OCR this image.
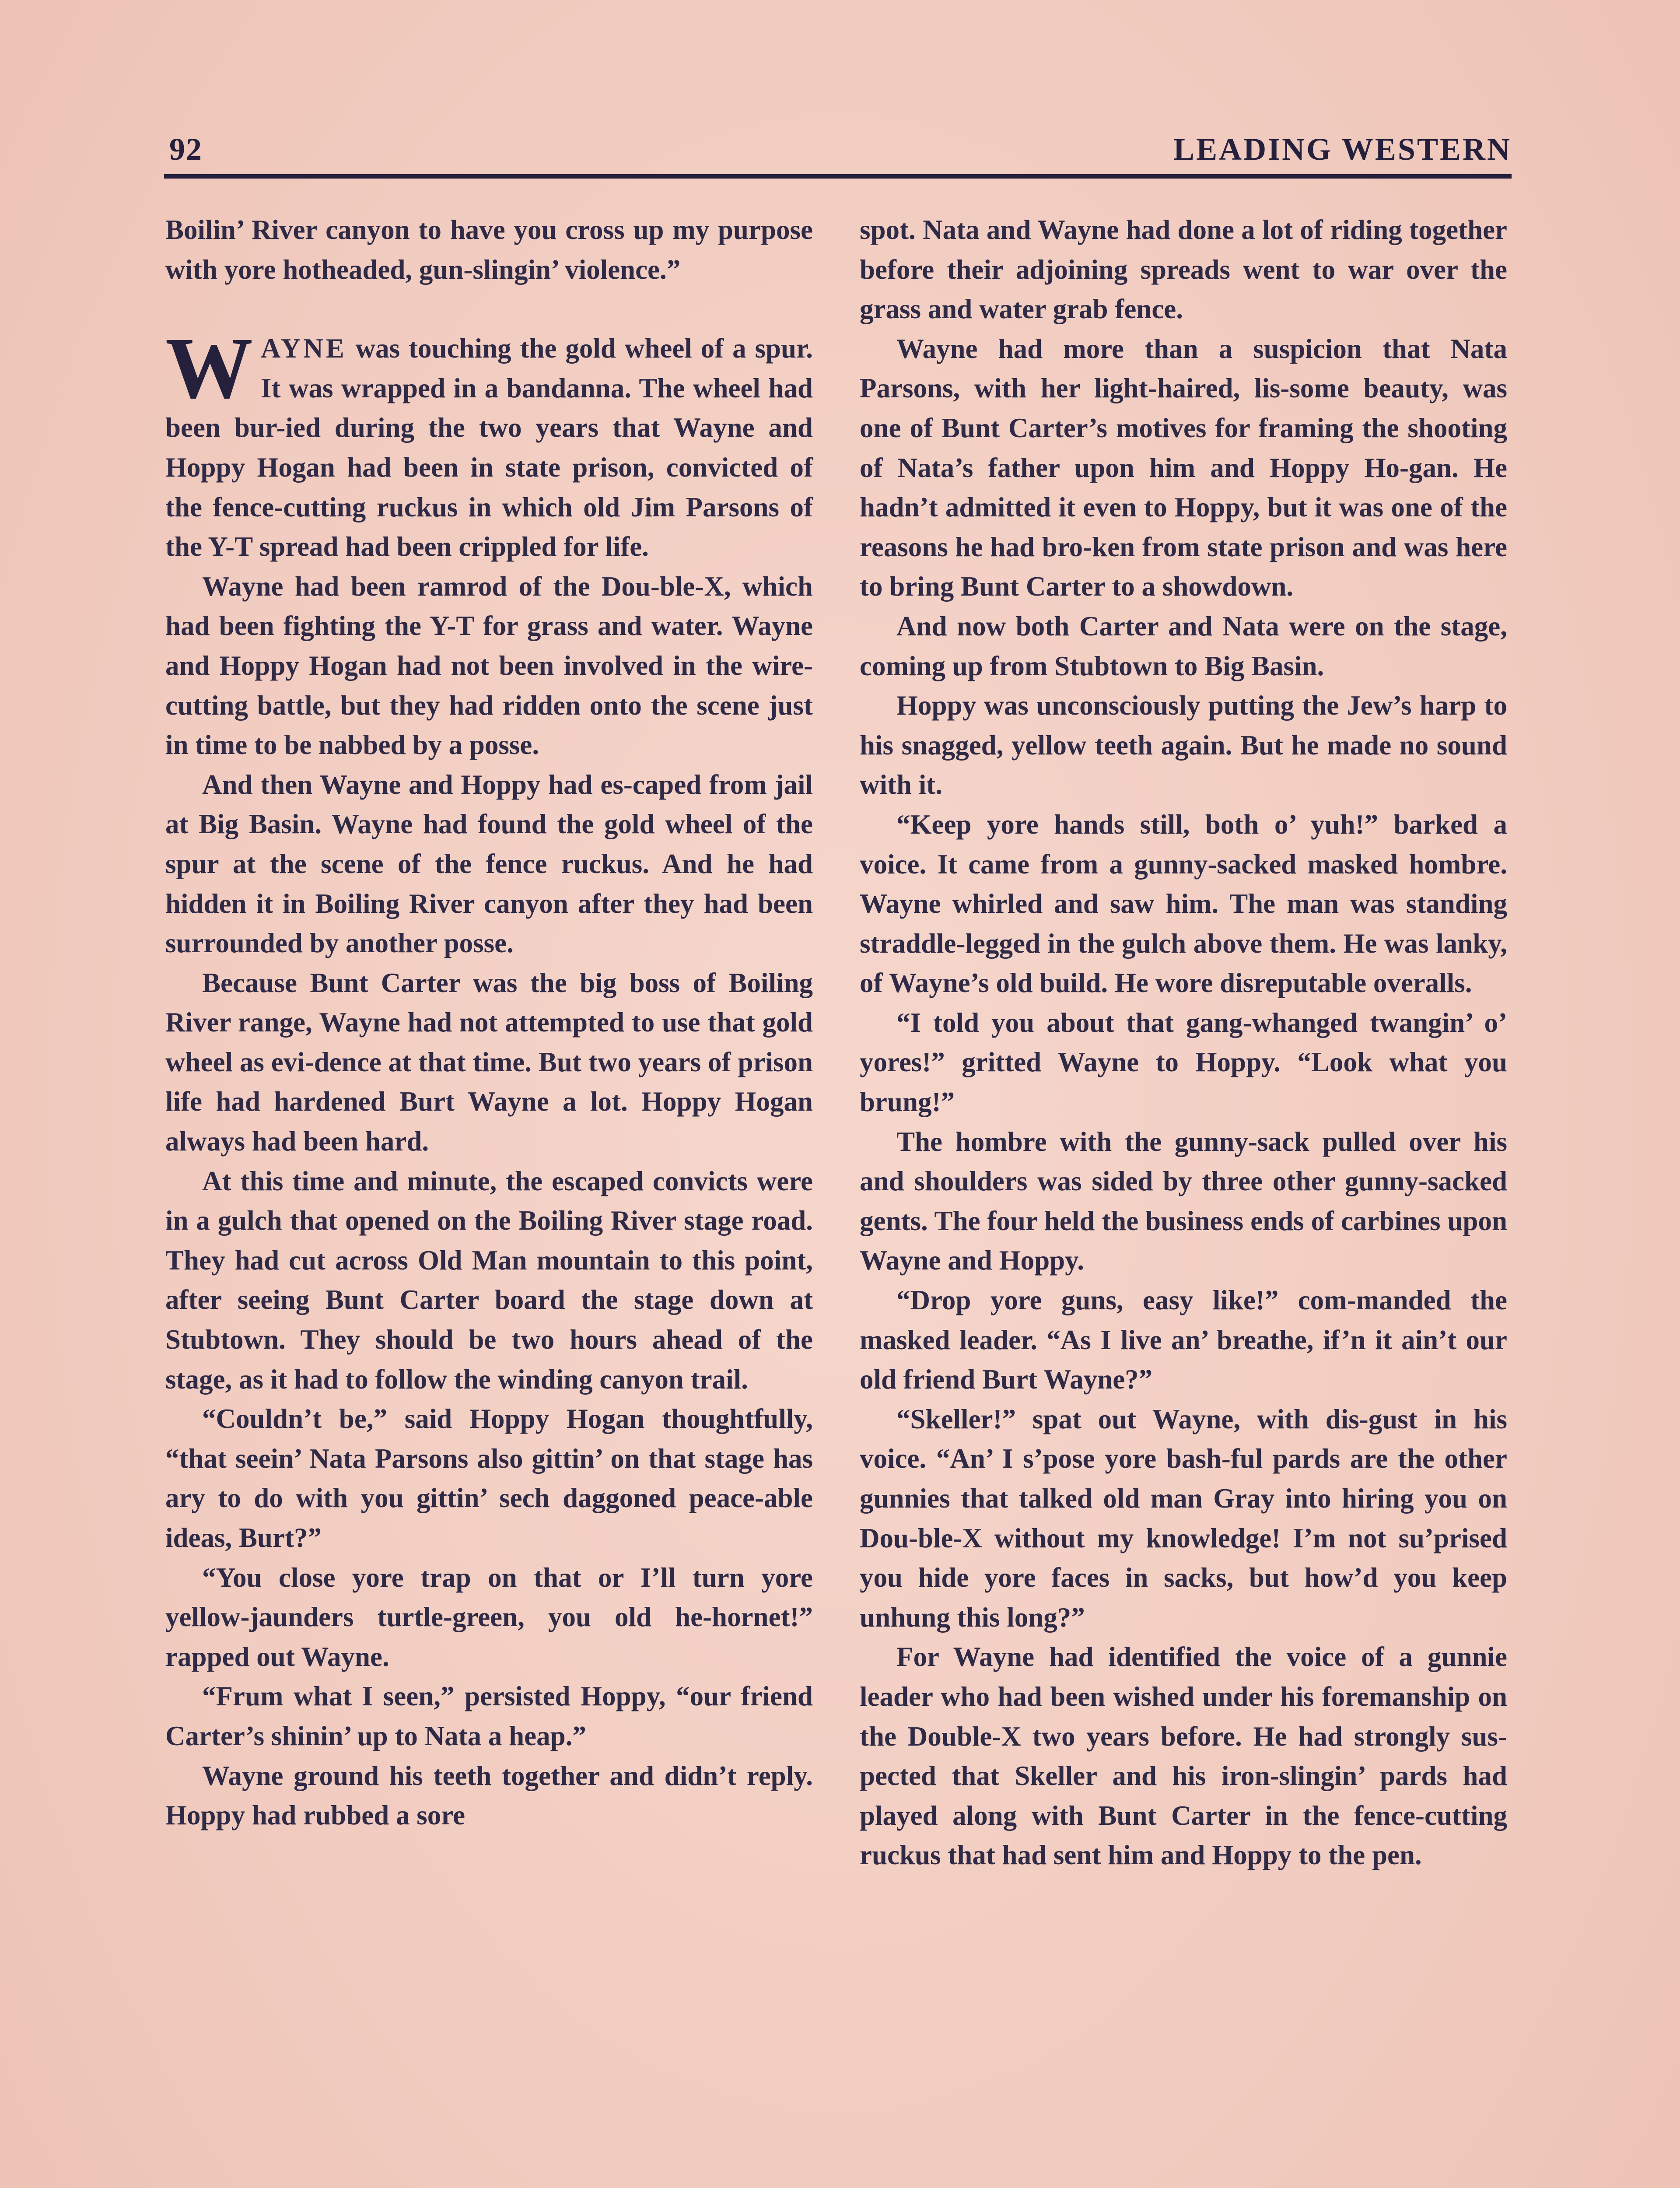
92	LEADING WESTERN

Boilin’ River canyon to have you cross up my purpose with yore hotheaded, gun-slingin’ violence.”

WAYNE was touching the gold wheel of a spur. It was wrapped in a bandanna. The wheel had been bur-ied during the two years that Wayne and Hoppy Hogan had been in state prison, convicted of the fence-cutting ruckus in which old Jim Parsons of the Y-T spread had been crippled for life.

Wayne had been ramrod of the Dou-ble-X, which had been fighting the Y-T for grass and water. Wayne and Hoppy Hogan had not been involved in the wire-cutting battle, but they had ridden onto the scene just in time to be nabbed by a posse.

And then Wayne and Hoppy had es-caped from jail at Big Basin. Wayne had found the gold wheel of the spur at the scene of the fence ruckus. And he had hidden it in Boiling River canyon after they had been surrounded by another posse.

Because Bunt Carter was the big boss of Boiling River range, Wayne had not attempted to use that gold wheel as evi-dence at that time. But two years of prison life had hardened Burt Wayne a lot. Hoppy Hogan always had been hard.

At this time and minute, the escaped convicts were in a gulch that opened on the Boiling River stage road. They had cut across Old Man mountain to this point, after seeing Bunt Carter board the stage down at Stubtown. They should be two hours ahead of the stage, as it had to follow the winding canyon trail.

“Couldn’t be,” said Hoppy Hogan thoughtfully, “that seein’ Nata Parsons also gittin’ on that stage has ary to do with you gittin’ sech daggoned peace-able ideas, Burt?”

“You close yore trap on that or I’ll turn yore yellow-jaunders turtle-green, you old he-hornet!” rapped out Wayne.

“Frum what I seen,” persisted Hoppy, “our friend Carter’s shinin’ up to Nata a heap.”

Wayne ground his teeth together and didn’t reply. Hoppy had rubbed a sore

spot. Nata and Wayne had done a lot of riding together before their adjoining spreads went to war over the grass and water grab fence.

Wayne had more than a suspicion that Nata Parsons, with her light-haired, lis-some beauty, was one of Bunt Carter’s motives for framing the shooting of Nata’s father upon him and Hoppy Ho-gan. He hadn’t admitted it even to Hoppy, but it was one of the reasons he had bro-ken from state prison and was here to bring Bunt Carter to a showdown.

And now both Carter and Nata were on the stage, coming up from Stubtown to Big Basin.

Hoppy was unconsciously putting the Jew’s harp to his snagged, yellow teeth again. But he made no sound with it.

“Keep yore hands still, both o’ yuh!” barked a voice. It came from a gunny-sacked masked hombre. Wayne whirled and saw him. The man was standing straddle-legged in the gulch above them. He was lanky, of Wayne’s old build. He wore disreputable overalls.

“I told you about that gang-whanged twangin’ o’ yores!” gritted Wayne to Hoppy. “Look what you brung!”

The hombre with the gunny-sack pulled over his and shoulders was sided by three other gunny-sacked gents. The four held the business ends of carbines upon Wayne and Hoppy.

“Drop yore guns, easy like!” com-manded the masked leader. “As I live an’ breathe, if’n it ain’t our old friend Burt Wayne?”

“Skeller!” spat out Wayne, with dis-gust in his voice. “An’ I s’pose yore bash-ful pards are the other gunnies that talked old man Gray into hiring you on Dou-ble-X without my knowledge! I’m not su’prised you hide yore faces in sacks, but how’d you keep unhung this long?”

For Wayne had identified the voice of a gunnie leader who had been wished under his foremanship on the Double-X two years before. He had strongly sus-pected that Skeller and his iron-slingin’ pards had played along with Bunt Carter in the fence-cutting ruckus that had sent him and Hoppy to the pen.
